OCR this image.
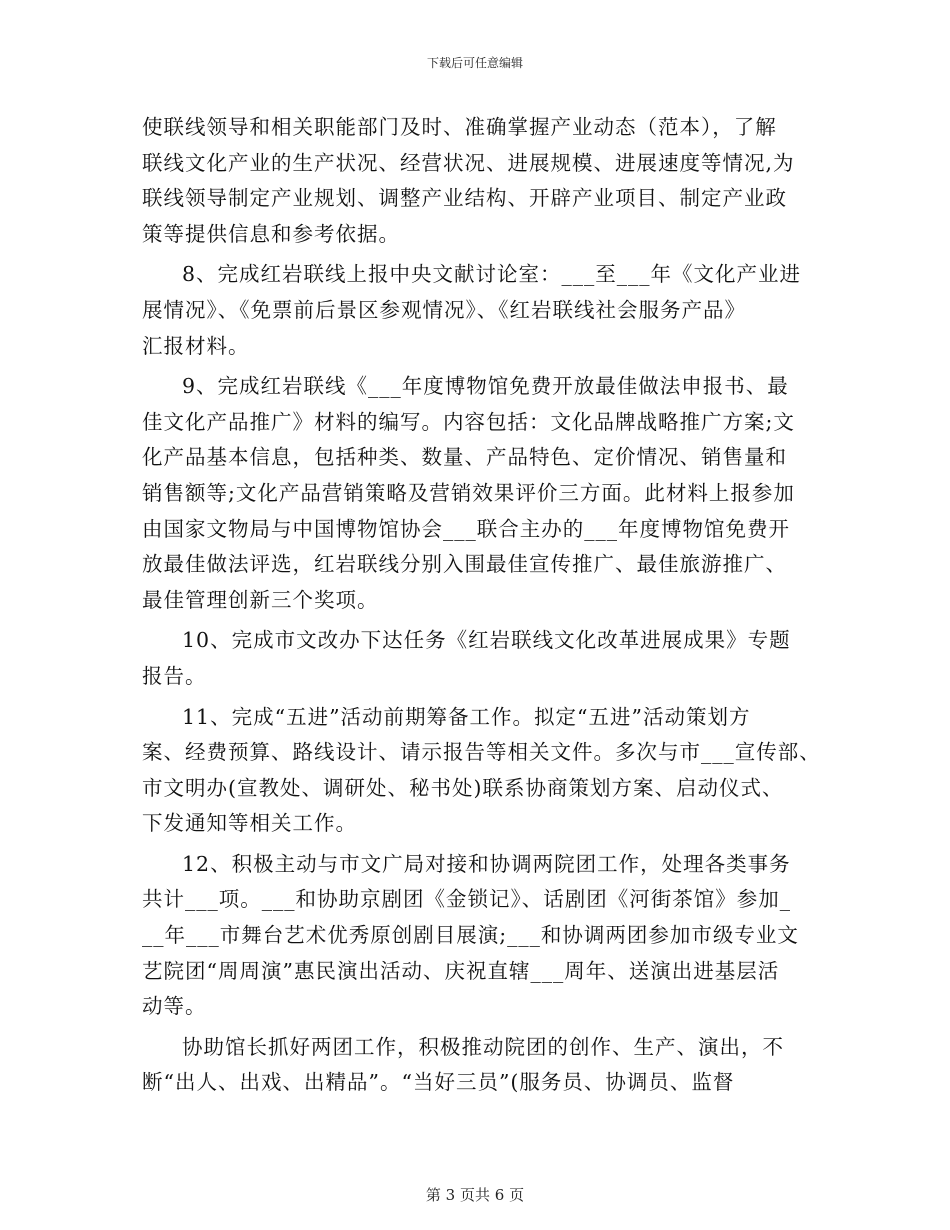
下载后可任意编辑
使联线领导和相关职能部门及时、准确掌握产业动态（范本），了解
联线文化产业的生产状况、经营状况、进展规模、进展速度等情况,为
联线领导制定产业规划、调整产业结构、开辟产业项目、制定产业政
策等提供信息和参考依据。
8、完成红岩联线上报中央文献讨论室：___至___年《文化产业进
展情况》、《免票前后景区参观情况》、《红岩联线社会服务产品》
汇报材料。
9、完成红岩联线《___年度博物馆免费开放最佳做法申报书、最
佳文化产品推广》材料的编写。内容包括：文化品牌战略推广方案;文
化产品基本信息，包括种类、数量、产品特色、定价情况、销售量和
销售额等;文化产品营销策略及营销效果评价三方面。此材料上报参加
由国家文物局与中国博物馆协会___联合主办的___年度博物馆免费开
放最佳做法评选，红岩联线分别入围最佳宣传推广、最佳旅游推广、
最佳管理创新三个奖项。
10、完成市文改办下达任务《红岩联线文化改革进展成果》专题
报告。
11、完成“五进”活动前期筹备工作。拟定“五进”活动策划方
案、经费预算、路线设计、请示报告等相关文件。多次与市___宣传部、
市文明办(宣教处、调研处、秘书处)联系协商策划方案、启动仪式、
下发通知等相关工作。
12、积极主动与市文广局对接和协调两院团工作，处理各类事务
共计___项。___和协助京剧团《金锁记》、话剧团《河街茶馆》参加_
__年___市舞台艺术优秀原创剧目展演;___和协调两团参加市级专业文
艺院团“周周演”惠民演出活动、庆祝直辖___周年、送演出进基层活
动等。
协助馆长抓好两团工作，积极推动院团的创作、生产、演出，不
断“出人、出戏、出精品”。“当好三员”(服务员、协调员、监督
第 3 页共 6 页
